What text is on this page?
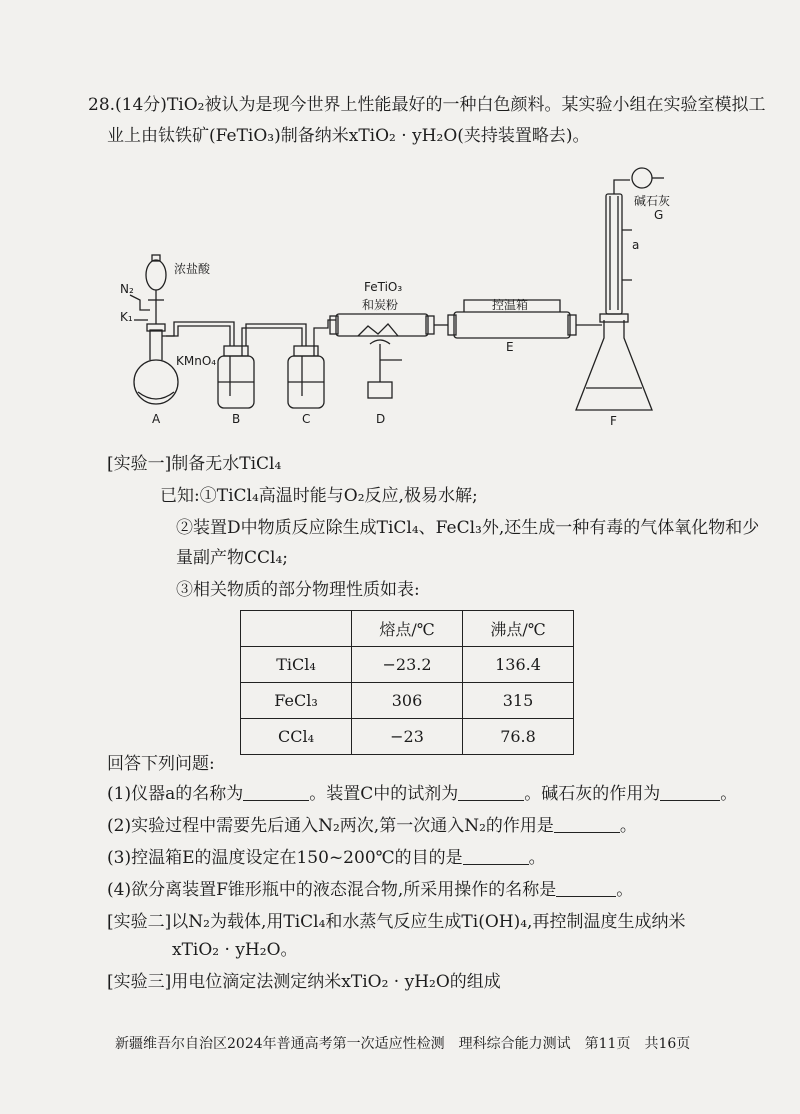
28.(14分)TiO₂被认为是现今世界上性能最好的一种白色颜料。某实验小组在实验室模拟工
业上由钛铁矿(FeTiO₃)制备纳米xTiO₂ · yH₂O(夹持装置略去)。
浓盐酸
N₂
K₁
KMnO₄
FeTiO₃
和炭粉	控温箱
碱石灰
a
A	B	C	D
E
F
G
[实验一]制备无水TiCl₄
已知:①TiCl₄高温时能与O₂反应,极易水解;
②装置D中物质反应除生成TiCl₄、FeCl₃外,还生成一种有毒的气体氧化物和少
量副产物CCl₄;
③相关物质的部分物理性质如表:
	熔点/℃	沸点/℃
TiCl₄	−23.2	136.4
FeCl₃	306	315
CCl₄	−23	76.8
回答下列问题:
(1)仪器a的名称为	。装置C中的试剂为	。碱石灰的作用为	。
(2)实验过程中需要先后通入N₂两次,第一次通入N₂的作用是	。
(3)控温箱E的温度设定在150~200℃的目的是	。
(4)欲分离装置F锥形瓶中的液态混合物,所采用操作的名称是	。
[实验二]以N₂为载体,用TiCl₄和水蒸气反应生成Ti(OH)₄,再控制温度生成纳米
xTiO₂ · yH₂O。
[实验三]用电位滴定法测定纳米xTiO₂ · yH₂O的组成
新疆维吾尔自治区2024年普通高考第一次适应性检测　理科综合能力测试　第11页　共16页
